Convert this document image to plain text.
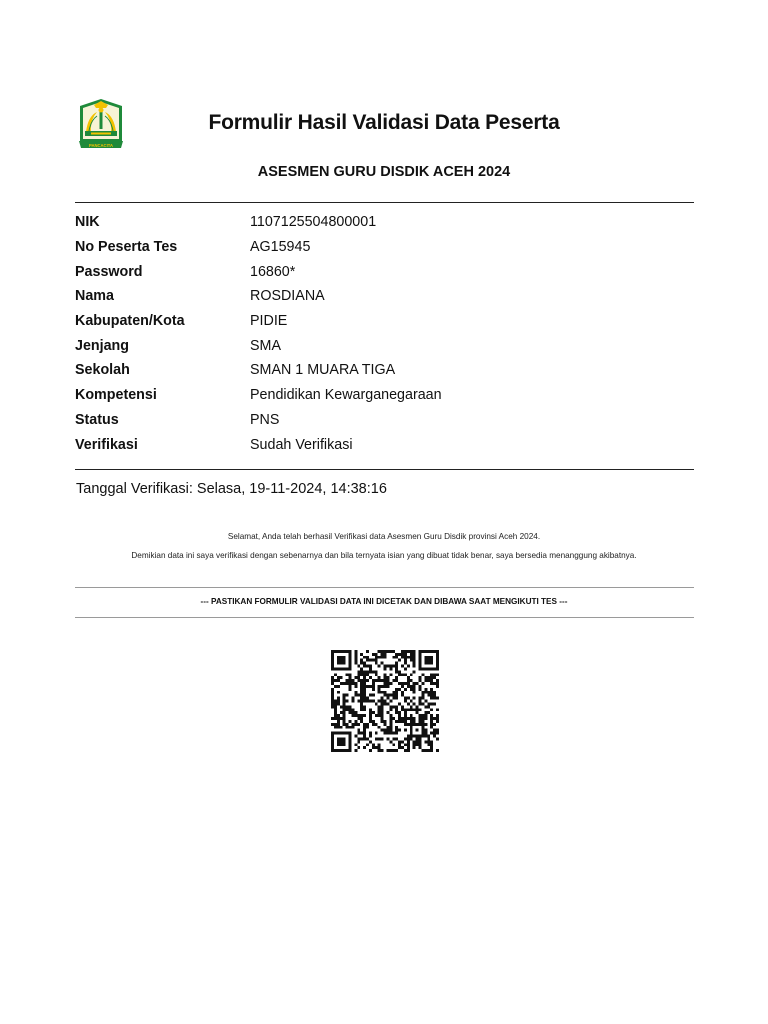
PANCACITA
Formulir Hasil Validasi Data Peserta
ASESMEN GURU DISDIK ACEH 2024
NIK	1107125504800001
No Peserta Tes	AG15945
Password	16860*
Nama	ROSDIANA
Kabupaten/Kota	PIDIE
Jenjang	SMA
Sekolah	SMAN 1 MUARA TIGA
Kompetensi	Pendidikan Kewarganegaraan
Status	PNS
Verifikasi	Sudah Verifikasi
Tanggal Verifikasi: Selasa, 19-11-2024, 14:38:16
Selamat, Anda telah berhasil Verifikasi data Asesmen Guru Disdik provinsi Aceh 2024.
Demikian data ini saya verifikasi dengan sebenarnya dan bila ternyata isian yang dibuat tidak benar, saya bersedia menanggung akibatnya.
--- PASTIKAN FORMULIR VALIDASI DATA INI DICETAK DAN DIBAWA SAAT MENGIKUTI TES ---
